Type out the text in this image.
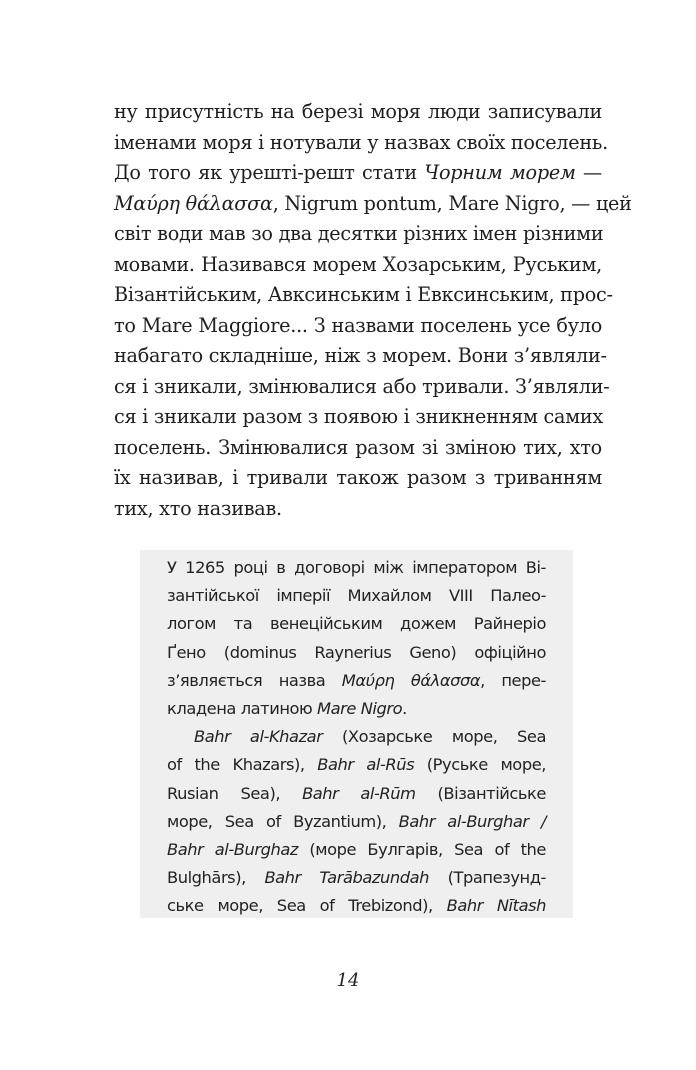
ну присутність на березі моря люди записували
іменами моря і нотували у назвах своїх поселень.
До того як урешті-решт стати Чорним морем —
Μαύρη θάλασσα, Nigrum pontum, Mare Nigro, — цей
світ води мав зо два десятки різних імен різними
мовами. Називався морем Хозарським, Руським,
Візантійським, Авксинським і Евксинським, прос-
то Mare Maggiore... З назвами поселень усе було
набагато складніше, ніж з морем. Вони з’являли-
ся і зникали, змінювалися або тривали. З’являли-
ся і зникали разом з появою і зникненням самих
поселень. Змінювалися разом зі зміною тих, хто
їх називав, і тривали також разом з триванням
тих, хто називав.
У 1265 році в договорі між імператором Ві-
зантійської імперії Михайлом VIII Палео-
логом та венеційським дожем Райнеріо
Ґено (dominus Raynerius Geno) офіційно
з’являється назва Μαύρη θάλασσα, пере-
кладена латиною Mare Nigro.
Bahr al-Khazar (Хозарське море, Sea
of the Khazars), Bahr al-Rūs (Руське море,
Rusian Sea), Bahr al-Rūm (Візантійське
море, Sea of Byzantium), Bahr al-Burghar /
Bahr al-Burghaz (море Булгарів, Sea of the
Bulghārs), Bahr Tarābazundah (Трапезунд-
ське море, Sea of Trebizond), Bahr Nītash
14
